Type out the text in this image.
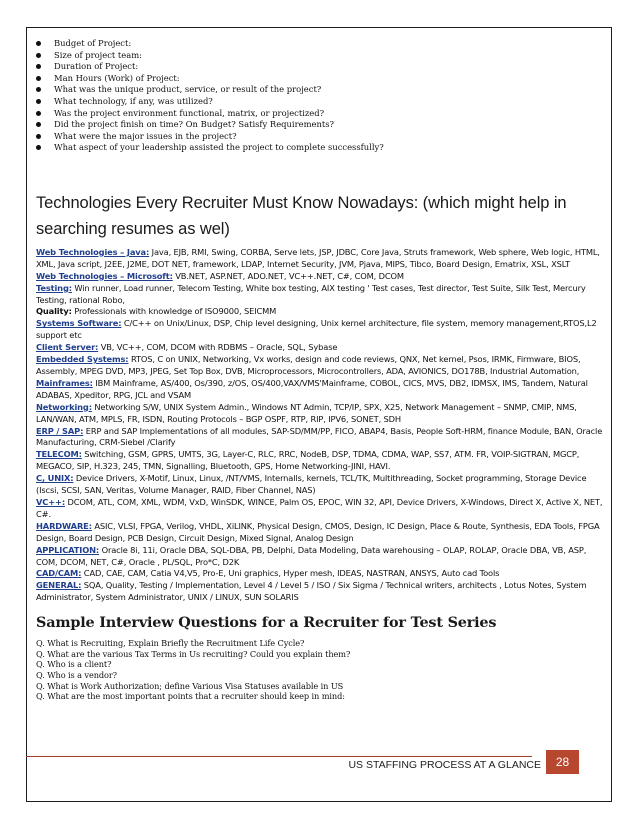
Budget of Project:
Size of project team:
Duration of Project:
Man Hours (Work) of Project:
What was the unique product, service, or result of the project?
What technology, if any, was utilized?
Was the project environment functional, matrix, or projectized?
Did the project finish on time? On Budget? Satisfy Requirements?
What were the major issues in the project?
What aspect of your leadership assisted the project to complete successfully?
Technologies Every Recruiter Must Know Nowadays: (which might help in searching resumes as wel)

Web Technologies – Java: Java, EJB, RMI, Swing, CORBA, Serve lets, JSP, JDBC, Core Java, Struts framework, Web sphere, Web logic, HTML, XML, Java script, J2EE, J2ME, DOT NET, framework, LDAP, Internet Security, JVM, Pjava, MIPS, Tibco, Board Design, Ematrix, XSL, XSLT

Web Technologies – Microsoft: VB.NET, ASP.NET, ADO.NET, VC++.NET, C#, COM, DCOM

Testing: Win runner, Load runner, Telecom Testing, White box testing, AIX testing ' Test cases, Test director, Test Suite, Silk Test, Mercury Testing, rational Robo,

Quality: Professionals with knowledge of ISO9000, SEICMM

Systems Software: C/C++ on Unix/Linux, DSP, Chip level designing, Unix kernel architecture, file system, memory management,RTOS,L2 support etc

Client Server: VB, VC++, COM, DCOM with RDBMS – Oracle, SQL, Sybase

Embedded Systems: RTOS, C on UNIX, Networking, Vx works, design and code reviews, QNX, Net kernel, Psos, IRMK, Firmware, BIOS, Assembly, MPEG DVD, MP3, JPEG, Set Top Box, DVB, Microprocessors, Microcontrollers, ADA, AVIONICS, DO178B, Industrial Automation,

Mainframes: IBM Mainframe, AS/400, Os/390, z/OS, OS/400,VAX/VMS'Mainframe, COBOL, CICS, MVS, DB2, IDMSX, IMS, Tandem, Natural ADABAS, Xpeditor, RPG, JCL and VSAM

Networking: Networking S/W, UNIX System Admin., Windows NT Admin, TCP/IP, SPX, X25, Network Management – SNMP, CMIP, NMS, LAN/WAN, ATM, MPLS, FR, ISDN, Routing Protocols – BGP OSPF, RTP, RIP, IPV6, SONET, SDH

ERP / SAP: ERP and SAP Implementations of all modules, SAP-SD/MM/PP, FICO, ABAP4, Basis, People Soft-HRM, finance Module, BAN, Oracle Manufacturing, CRM-Siebel /Clarify

TELECOM: Switching, GSM, GPRS, UMTS, 3G, Layer-C, RLC, RRC, NodeB, DSP, TDMA, CDMA, WAP, SS7, ATM. FR, VOIP-SIGTRAN, MGCP, MEGACO, SIP, H.323, 245, TMN, Signalling, Bluetooth, GPS, Home Networking-JINI, HAVI.

C, UNIX: Device Drivers, X-Motif, Linux, Linux, /NT/VMS, Internalls, kernels, TCL/TK, Multithreading, Socket programming, Storage Device (Iscsi, SCSI, SAN, Veritas, Volume Manager, RAID, Fiber Channel, NAS)

VC++: DCOM, ATL, COM, XML, WDM, VxD, WinSDK, WINCE, Palm OS, EPOC, WIN 32, API, Device Drivers, X-Windows, Direct X, Active X, NET, C#.

HARDWARE: ASIC, VLSI, FPGA, Verilog, VHDL, XiLINK, Physical Design, CMOS, Design, IC Design, Place & Route, Synthesis, EDA Tools, FPGA Design, Board Design, PCB Design, Circuit Design, Mixed Signal, Analog Design

APPLICATION: Oracle 8i, 11i, Oracle DBA, SQL-DBA, PB, Delphi, Data Modeling, Data warehousing – OLAP, ROLAP, Oracle DBA, VB, ASP, COM, DCOM, NET, C#, Oracle , PL/SQL, Pro*C, D2K

CAD/CAM: CAD, CAE, CAM, Catia V4,V5, Pro-E, Uni graphics, Hyper mesh, IDEAS, NASTRAN, ANSYS, Auto cad Tools

GENERAL: SQA, Quality, Testing / Implementation, Level 4 / Level 5 / ISO / Six Sigma / Technical writers, architects , Lotus Notes, System Administrator, System Administrator, UNIX / LINUX, SUN SOLARIS

Sample Interview Questions for a Recruiter for Test Series

Q. What is Recruiting, Explain Briefly the Recruitment Life Cycle?

Q. What are the various Tax Terms in Us recruiting? Could you explain them?

Q. Who is a client?

Q. Who is a vendor?

Q. What is Work Authorization; define Various Visa Statuses available in US

Q. What are the most important points that a recruiter should keep in mind:

US STAFFING PROCESS AT A GLANCE	28
